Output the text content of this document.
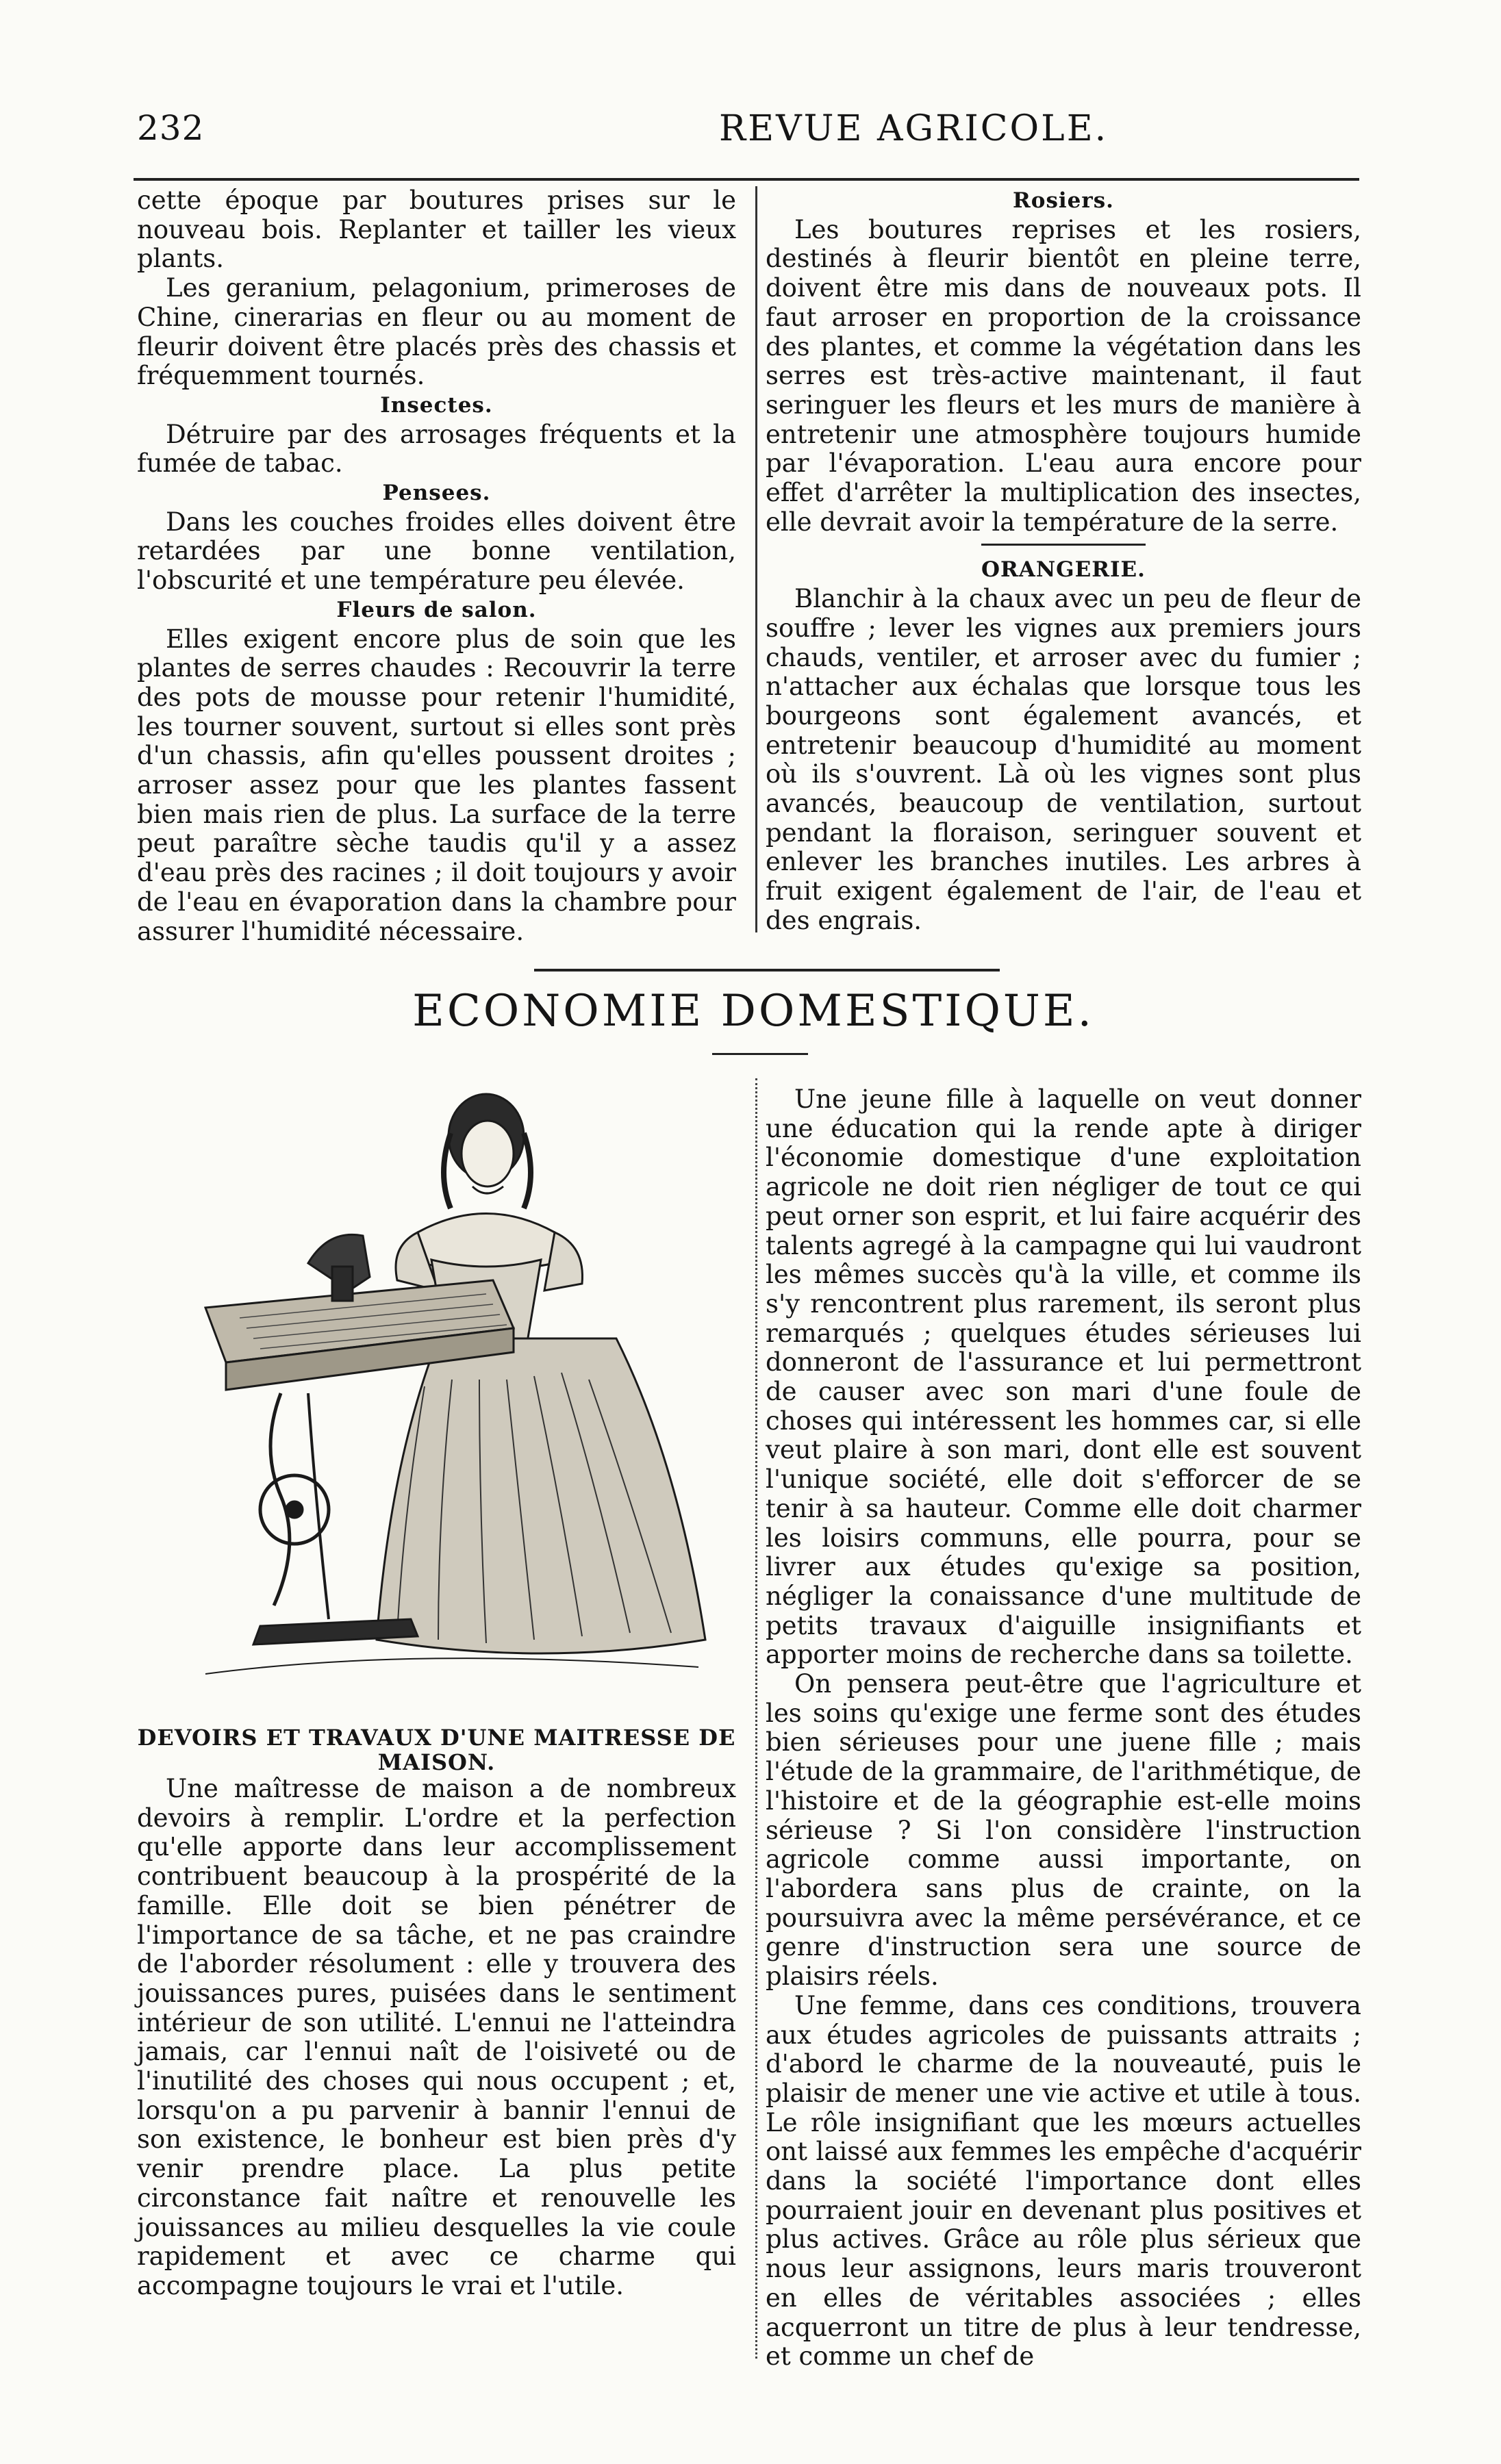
232	REVUE AGRICOLE.

cette époque par boutures prises sur le nouveau bois. Replanter et tailler les vieux plants.

Les geranium, pelagonium, primeroses de Chine, cinerarias en fleur ou au moment de fleurir doivent être placés près des chassis et fréquemment tournés.

Insectes.

Détruire par des arrosages fréquents et la fumée de tabac.

Pensees.

Dans les couches froides elles doivent être retardées par une bonne ventilation, l'obscurité et une température peu élevée.

Fleurs de salon.

Elles exigent encore plus de soin que les plantes de serres chaudes : Recouvrir la terre des pots de mousse pour retenir l'humidité, les tourner souvent, surtout si elles sont près d'un chassis, afin qu'elles poussent droites ; arroser assez pour que les plantes fassent bien mais rien de plus. La surface de la terre peut paraître sèche taudis qu'il y a assez d'eau près des racines ; il doit toujours y avoir de l'eau en évaporation dans la chambre pour assurer l'humidité nécessaire.

Rosiers.

Les boutures reprises et les rosiers, destinés à fleurir bientôt en pleine terre, doivent être mis dans de nouveaux pots. Il faut arroser en proportion de la croissance des plantes, et comme la végétation dans les serres est très-active maintenant, il faut seringuer les fleurs et les murs de manière à entretenir une atmosphère toujours humide par l'évaporation. L'eau aura encore pour effet d'arrêter la multiplication des insectes, elle devrait avoir la température de la serre.

ORANGERIE.

Blanchir à la chaux avec un peu de fleur de souffre ; lever les vignes aux premiers jours chauds, ventiler, et arroser avec du fumier ; n'attacher aux échalas que lorsque tous les bourgeons sont également avancés, et entretenir beaucoup d'humidité au moment où ils s'ouvrent. Là où les vignes sont plus avancés, beaucoup de ventilation, surtout pendant la floraison, seringuer souvent et enlever les branches inutiles. Les arbres à fruit exigent également de l'air, de l'eau et des engrais.

ECONOMIE DOMESTIQUE.

DEVOIRS ET TRAVAUX D'UNE MAITRESSE DE MAISON.

Une maîtresse de maison a de nombreux devoirs à remplir. L'ordre et la perfection qu'elle apporte dans leur accomplissement contribuent beaucoup à la prospérité de la famille. Elle doit se bien pénétrer de l'importance de sa tâche, et ne pas craindre de l'aborder résolument : elle y trouvera des jouissances pures, puisées dans le sentiment intérieur de son utilité. L'ennui ne l'atteindra jamais, car l'ennui naît de l'oisiveté ou de l'inutilité des choses qui nous occupent ; et, lorsqu'on a pu parvenir à bannir l'ennui de son existence, le bonheur est bien près d'y venir prendre place. La plus petite circonstance fait naître et renouvelle les jouissances au milieu desquelles la vie coule rapidement et avec ce charme qui accompagne toujours le vrai et l'utile.

Une jeune fille à laquelle on veut donner une éducation qui la rende apte à diriger l'économie domestique d'une exploitation agricole ne doit rien négliger de tout ce qui peut orner son esprit, et lui faire acquérir des talents agregé à la campagne qui lui vaudront les mêmes succès qu'à la ville, et comme ils s'y rencontrent plus rarement, ils seront plus remarqués ; quelques études sérieuses lui donneront de l'assurance et lui permettront de causer avec son mari d'une foule de choses qui intéressent les hommes car, si elle veut plaire à son mari, dont elle est souvent l'unique société, elle doit s'efforcer de se tenir à sa hauteur. Comme elle doit charmer les loisirs communs, elle pourra, pour se livrer aux études qu'exige sa position, négliger la conaissance d'une multitude de petits travaux d'aiguille insignifiants et apporter moins de recherche dans sa toilette.

On pensera peut-être que l'agriculture et les soins qu'exige une ferme sont des études bien sérieuses pour une juene fille ; mais l'étude de la grammaire, de l'arithmétique, de l'histoire et de la géographie est-elle moins sérieuse ? Si l'on considère l'instruction agricole comme aussi importante, on l'abordera sans plus de crainte, on la poursuivra avec la même persévérance, et ce genre d'instruction sera une source de plaisirs réels.

Une femme, dans ces conditions, trouvera aux études agricoles de puissants attraits ; d'abord le charme de la nouveauté, puis le plaisir de mener une vie active et utile à tous. Le rôle insignifiant que les mœurs actuelles ont laissé aux femmes les empêche d'acquérir dans la société l'importance dont elles pourraient jouir en devenant plus positives et plus actives. Grâce au rôle plus sérieux que nous leur assignons, leurs maris trouveront en elles de véritables associées ; elles acquerront un titre de plus à leur tendresse, et comme un chef de
